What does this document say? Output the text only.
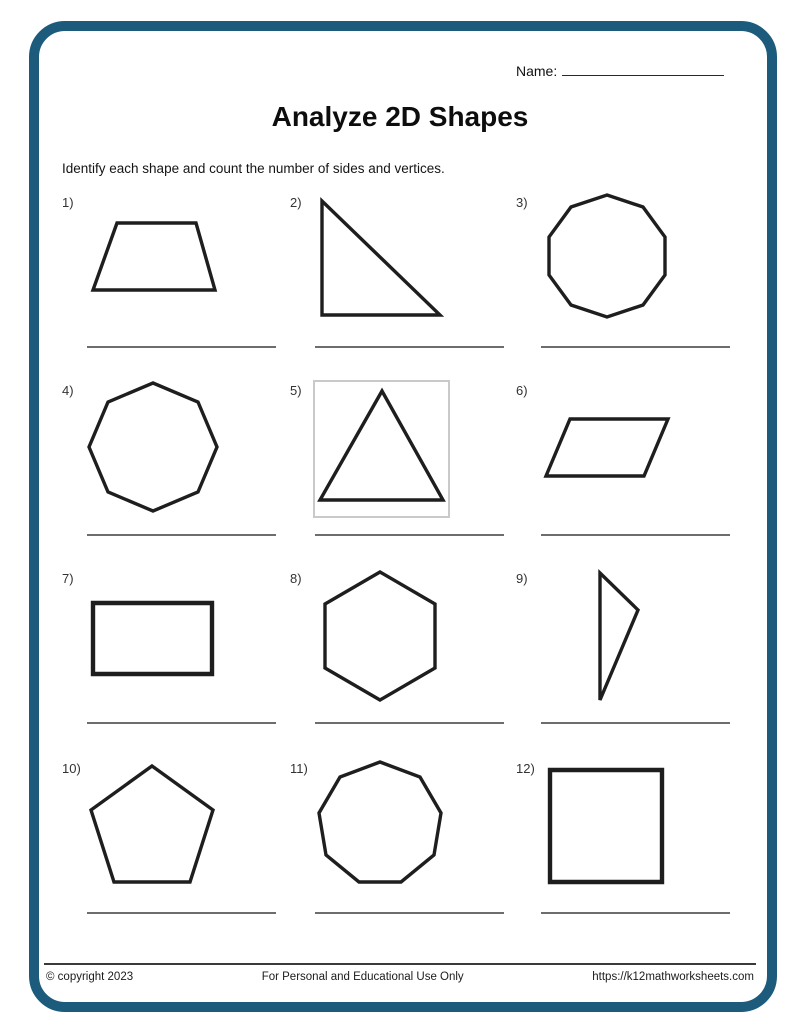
Name:
Analyze 2D Shapes
Identify each shape and count the number of sides and vertices.
1)	2)	3)
4)	5)	6)
7)	8)	9)
10)	11)	12)
© copyright 2023	For Personal and Educational Use Only	https://k12mathworksheets.com
